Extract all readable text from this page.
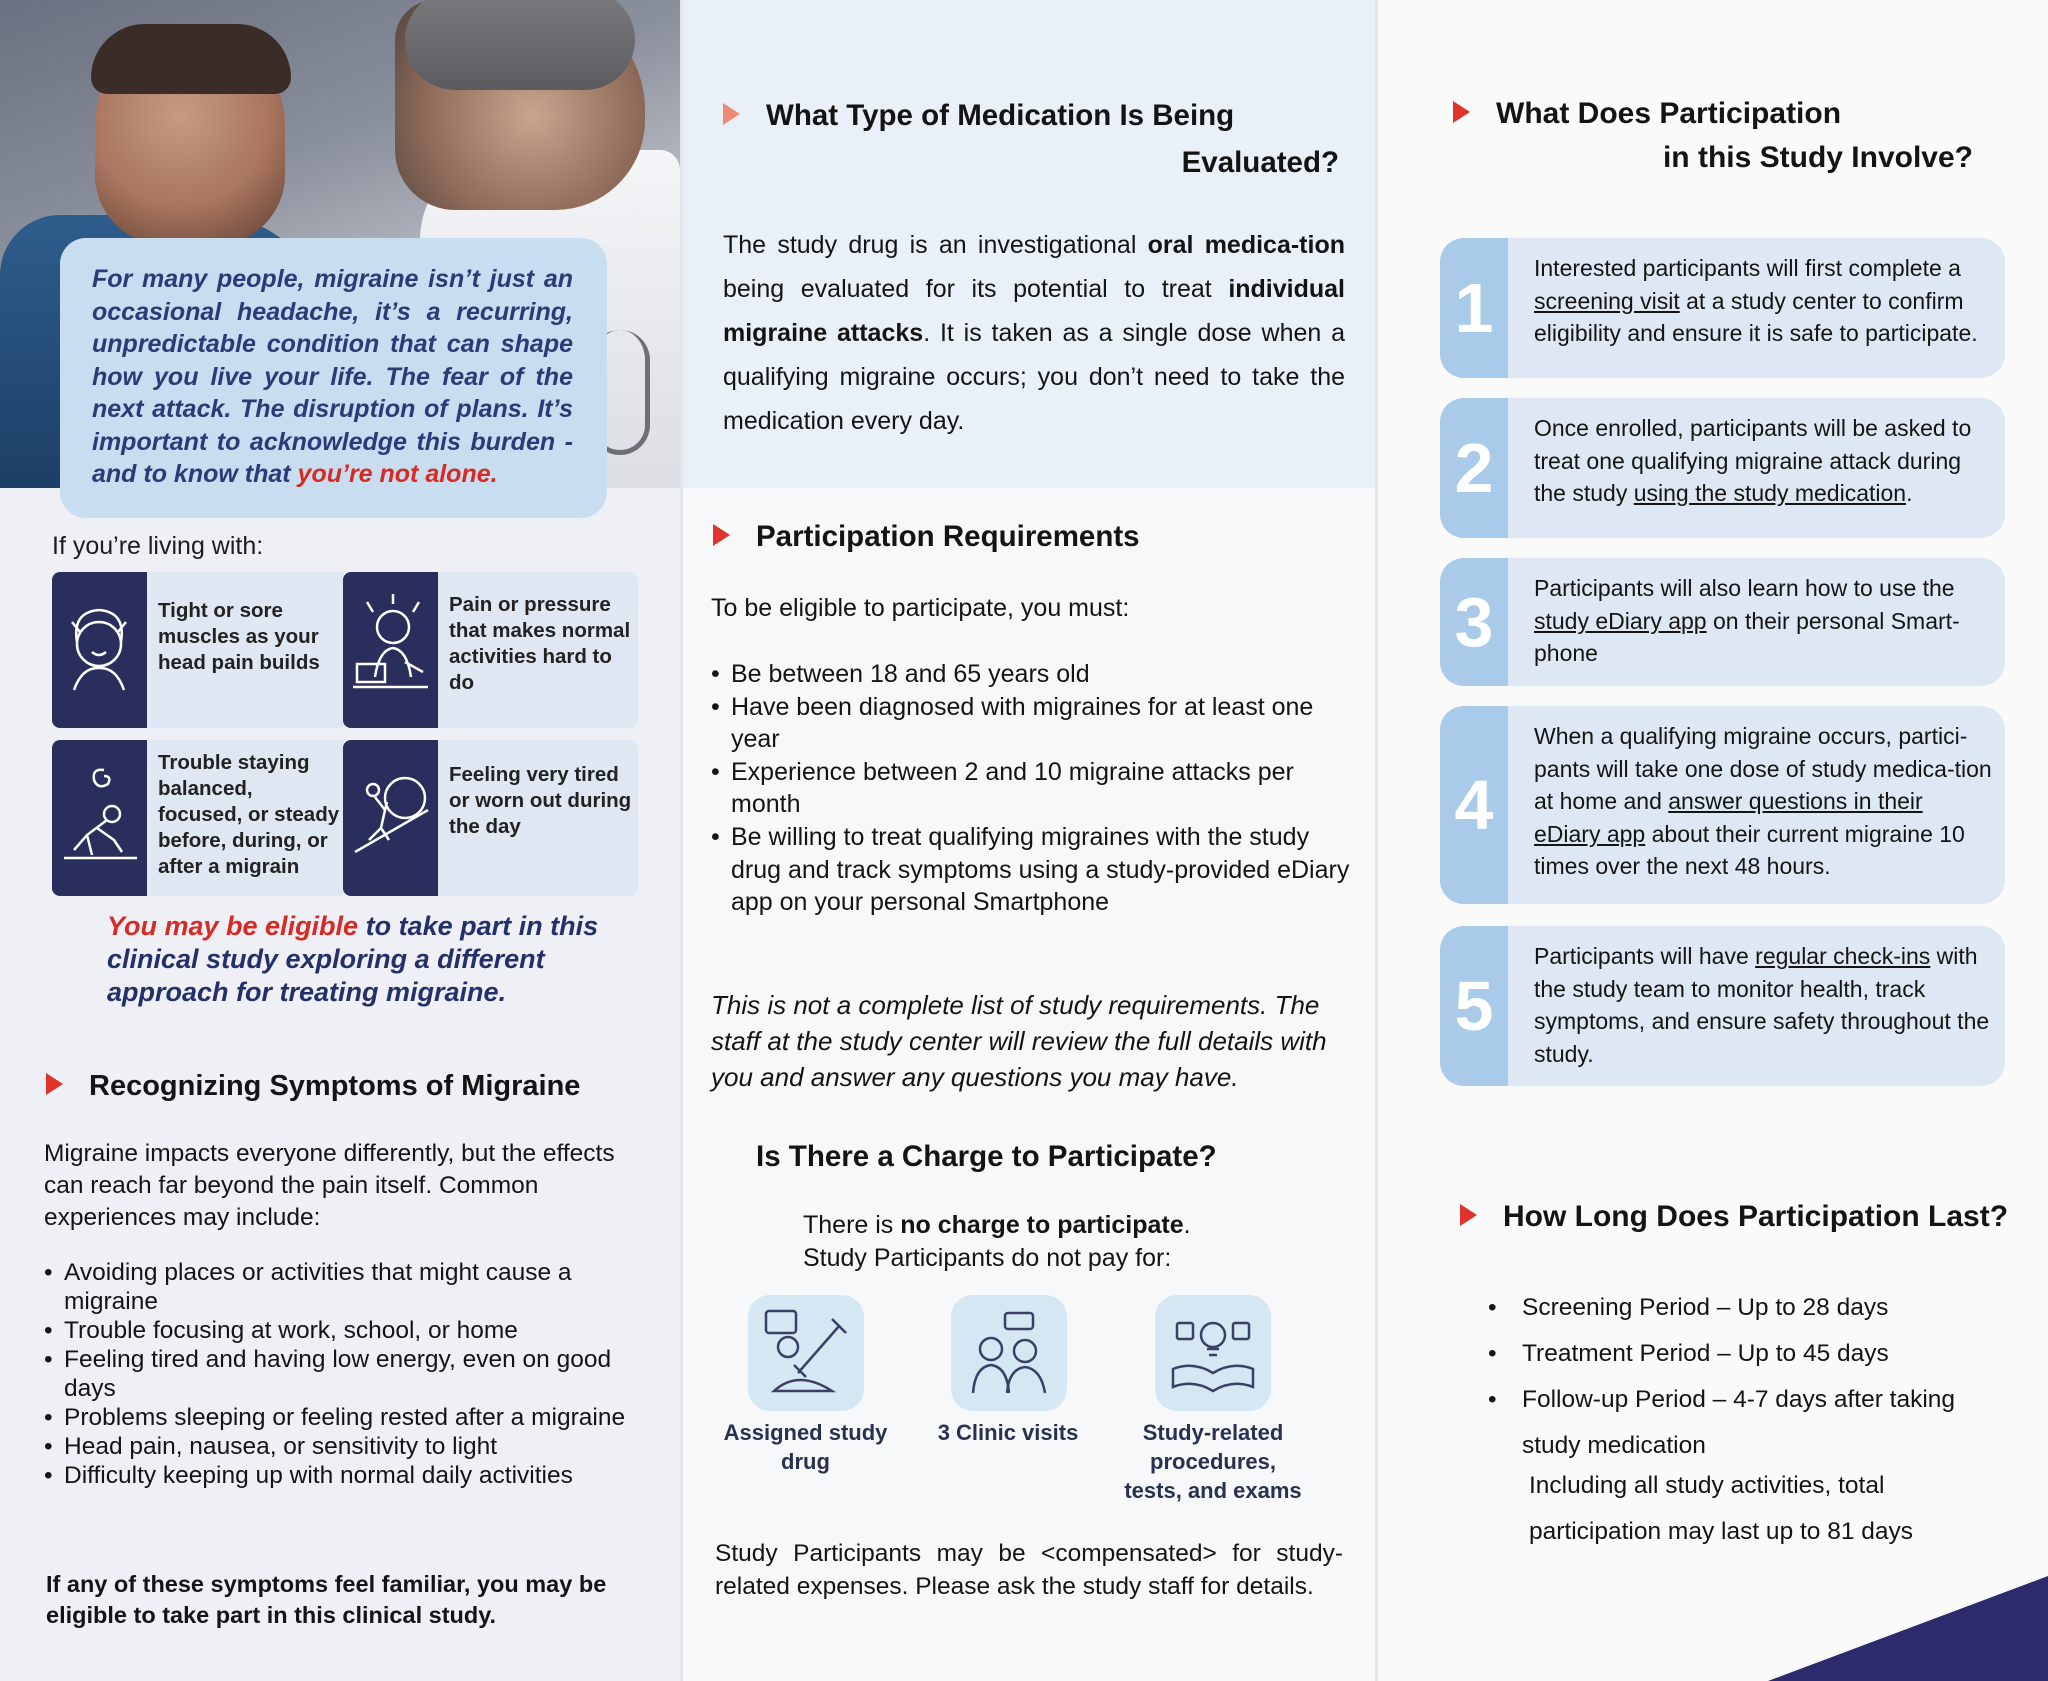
For many people, migraine isn’t just an occasional headache, it’s a recurring, unpredictable condition that can shape how you live your life. The fear of the next attack. The disruption of plans. It’s important to acknowledge this burden - and to know that you’re not alone.
If you’re living with:
Tight or sore muscles as your head pain builds
Pain or pressure that makes normal activities hard to do
Trouble staying balanced, focused, or steady before, during, or after a migrain
Feeling very tired or worn out during the day
You may be eligible to take part in this clinical study exploring a different approach for treating migraine.
Recognizing Symptoms of Migraine
Migraine impacts everyone differently, but the effects can reach far beyond the pain itself. Common experiences may include:
• Avoiding places or activities that might cause a migraine
• Trouble focusing at work, school, or home
• Feeling tired and having low energy, even on good days
• Problems sleeping or feeling rested after a migraine
• Head pain, nausea, or sensitivity to light
• Difficulty keeping up with normal daily activities
If any of these symptoms feel familiar, you may be eligible to take part in this clinical study.
What Type of Medication Is Being
Evaluated?
The study drug is an investigational oral medica-tion being evaluated for its potential to treat individual migraine attacks. It is taken as a single dose when a qualifying migraine occurs; you don’t need to take the medication every day.
Participation Requirements
To be eligible to participate, you must:
• Be between 18 and 65 years old
• Have been diagnosed with migraines for at least one year
• Experience between 2 and 10 migraine attacks per month
• Be willing to treat qualifying migraines with the study drug and track symptoms using a study-provided eDiary app on your personal Smartphone
This is not a complete list of study requirements. The staff at the study center will review the full details with you and answer any questions you may have.
Is There a Charge to Participate?
There is no charge to participate.
Study Participants do not pay for:
Assigned study drug
3 Clinic visits	Study-related procedures, tests, and exams
Study Participants may be <compensated> for study-related expenses. Please ask the study staff for details.
What Does Participation
in this Study Involve?
1
Interested participants will first complete a screening visit at a study center to confirm eligibility and ensure it is safe to participate.
2
Once enrolled, participants will be asked to treat one qualifying migraine attack during the study using the study medication.
3	Participants will also learn how to use the study eDiary app on their personal Smart-phone
4
When a qualifying migraine occurs, partici-pants will take one dose of study medica-tion at home and answer questions in their eDiary app about their current migraine 10 times over the next 48 hours.
5
Participants will have regular check-ins with the study team to monitor health, track symptoms, and ensure safety throughout the study.
How Long Does Participation Last?
• Screening Period – Up to 28 days
• Treatment Period – Up to 45 days
• Follow-up Period – 4-7 days after taking study medication
Including all study activities, total participation may last up to 81 days
